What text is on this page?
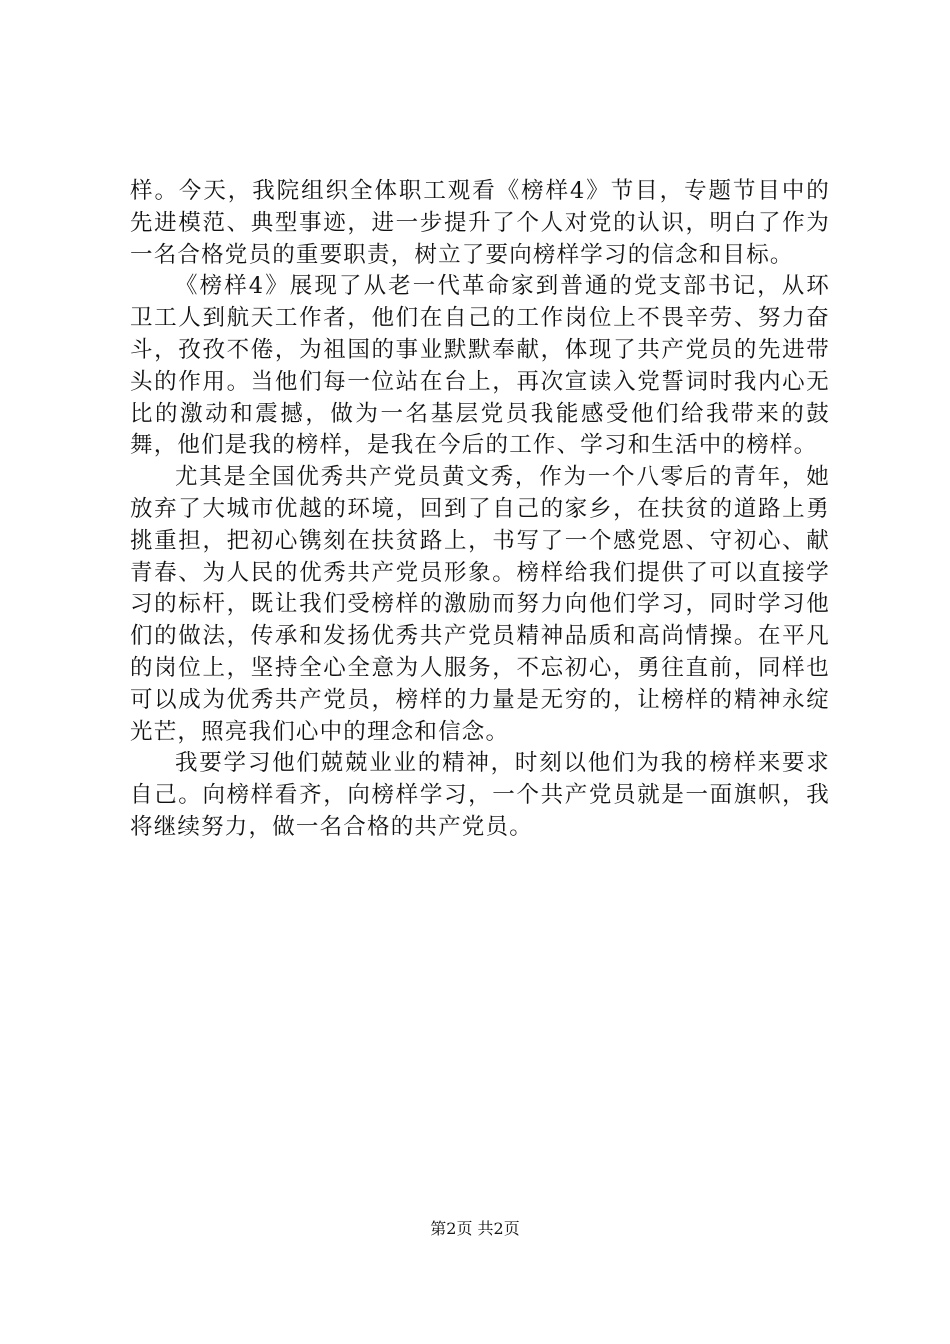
样。今天，我院组织全体职工观看《榜样4》节目，专题节目中的先进模范、典型事迹，进一步提升了个人对党的认识，明白了作为一名合格党员的重要职责，树立了要向榜样学习的信念和目标。

《榜样4》展现了从老一代革命家到普通的党支部书记，从环卫工人到航天工作者，他们在自己的工作岗位上不畏辛劳、努力奋斗，孜孜不倦，为祖国的事业默默奉献，体现了共产党员的先进带头的作用。当他们每一位站在台上，再次宣读入党誓词时我内心无比的激动和震撼，做为一名基层党员我能感受他们给我带来的鼓舞，他们是我的榜样，是我在今后的工作、学习和生活中的榜样。

尤其是全国优秀共产党员黄文秀，作为一个八零后的青年，她放弃了大城市优越的环境，回到了自己的家乡，在扶贫的道路上勇挑重担，把初心镌刻在扶贫路上，书写了一个感党恩、守初心、献青春、为人民的优秀共产党员形象。榜样给我们提供了可以直接学习的标杆，既让我们受榜样的激励而努力向他们学习，同时学习他们的做法，传承和发扬优秀共产党员精神品质和高尚情操。在平凡的岗位上，坚持全心全意为人服务，不忘初心，勇往直前，同样也可以成为优秀共产党员，榜样的力量是无穷的，让榜样的精神永绽光芒，照亮我们心中的理念和信念。

我要学习他们兢兢业业的精神，时刻以他们为我的榜样来要求自己。向榜样看齐，向榜样学习，一个共产党员就是一面旗帜，我将继续努力，做一名合格的共产党员。

第2页 共2页
